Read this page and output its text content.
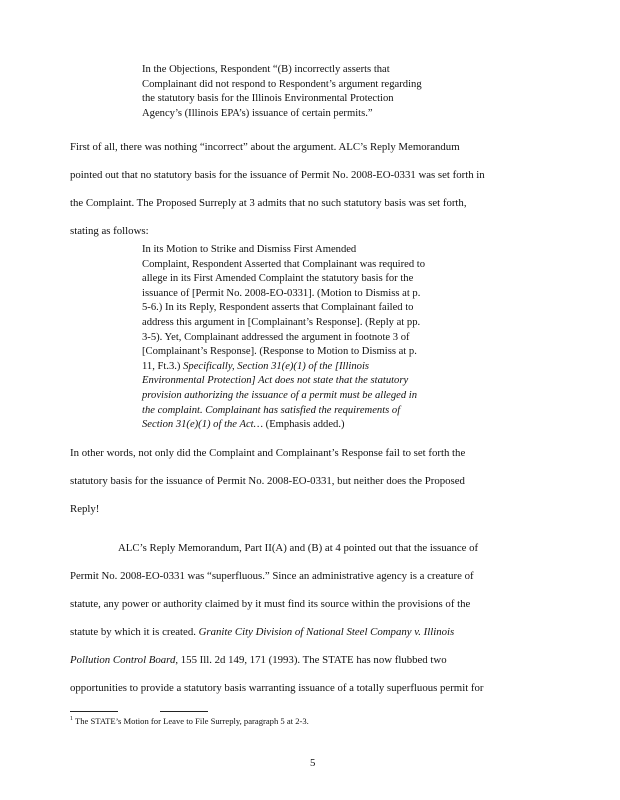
In the Objections, Respondent “(B) incorrectly asserts that
Complainant did not respond to Respondent’s argument regarding
the statutory basis for the Illinois Environmental Protection
Agency’s (Illinois EPA’s) issuance of certain permits.”
First of all, there was nothing “incorrect” about the argument. ALC’s Reply Memorandum
pointed out that no statutory basis for the issuance of Permit No. 2008-EO-0331 was set forth in
the Complaint. The Proposed Surreply at 3 admits that no such statutory basis was set forth,
stating as follows:
In its Motion to Strike and Dismiss First Amended
Complaint, Respondent Asserted that Complainant was required to
allege in its First Amended Complaint the statutory basis for the
issuance of [Permit No. 2008-EO-0331]. (Motion to Dismiss at p.
5-6.) In its Reply, Respondent asserts that Complainant failed to
address this argument in [Complainant’s Response]. (Reply at pp.
3-5). Yet, Complainant addressed the argument in footnote 3 of
[Complainant’s Response]. (Response to Motion to Dismiss at p.
11, Ft.3.) Specifically, Section 31(e)(1) of the [Illinois
Environmental Protection] Act does not state that the statutory
provision authorizing the issuance of a permit must be alleged in
the complaint. Complainant has satisfied the requirements of
Section 31(e)(1) of the Act… (Emphasis added.)
In other words, not only did the Complaint and Complainant’s Response fail to set forth the
statutory basis for the issuance of Permit No. 2008-EO-0331, but neither does the Proposed
Reply!
ALC’s Reply Memorandum, Part II(A) and (B) at 4 pointed out that the issuance of
Permit No. 2008-EO-0331 was “superfluous.” Since an administrative agency is a creature of
statute, any power or authority claimed by it must find its source within the provisions of the
statute by which it is created. Granite City Division of National Steel Company v. Illinois
Pollution Control Board, 155 Ill. 2d 149, 171 (1993). The STATE has now flubbed two
opportunities to provide a statutory basis warranting issuance of a totally superfluous permit for
$^1$ The STATE’s Motion for Leave to File Surreply, paragraph 5 at 2-3.
5
